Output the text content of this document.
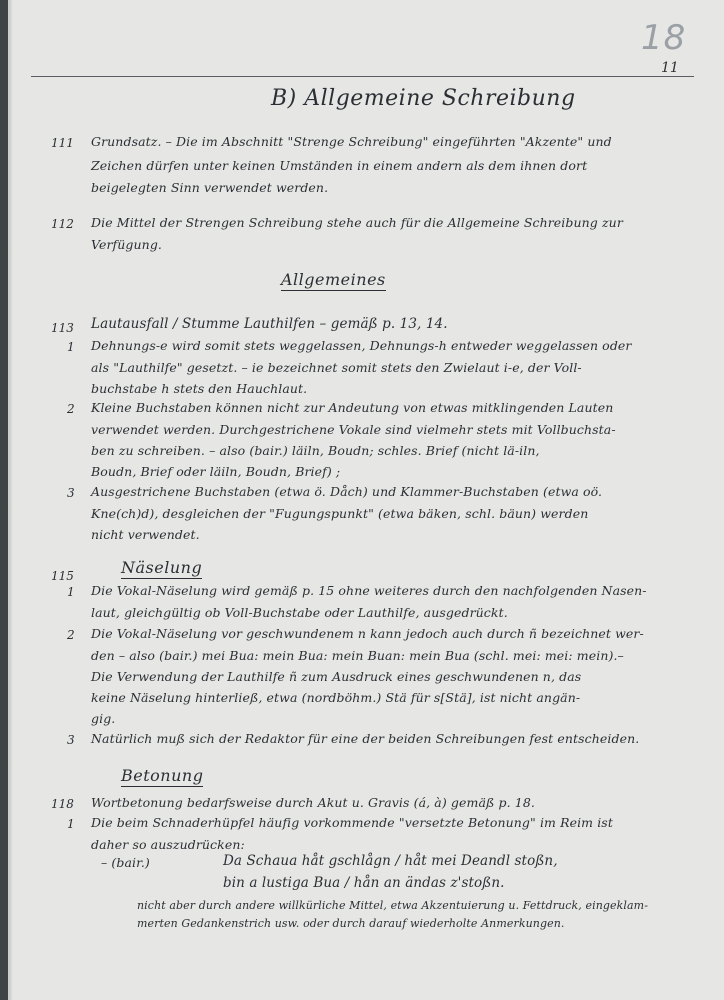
18
11
B) Allgemeine Schreibung
111 Grundsatz. – Die im Abschnitt "Strenge Schreibung" eingeführten "Akzente" und
Zeichen dürfen unter keinen Umständen in einem andern als dem ihnen dort
beigelegten Sinn verwendet werden.
112 Die Mittel der Strengen Schreibung stehe auch für die Allgemeine Schreibung zur
Verfügung.
Allgemeines
113 Lautausfall / Stumme Lauthilfen – gemäß p. 13, 14.
1 Dehnungs-e wird somit stets weggelassen, Dehnungs-h entweder weggelassen oder
als "Lauthilfe" gesetzt. – ie bezeichnet somit stets den Zwielaut i-e, der Voll-
buchstabe h stets den Hauchlaut.
2 Kleine Buchstaben können nicht zur Andeutung von etwas mitklingenden Lauten
verwendet werden. Durchgestrichene Vokale sind vielmehr stets mit Vollbuchsta-
ben zu schreiben. – also (bair.) läiln, Boudn; schles. Brief (nicht lä‑iln,
Boudn, Brief oder läiln, Boudn, Brief) ;
3 Ausgestrichene Buchstaben (etwa ö. Dåch) und Klammer-Buchstaben (etwa oö.
Kne(ch)d), desgleichen der "Fugungspunkt" (etwa bäken, schl. bäun) werden
nicht verwendet.
Näselung
115
1 Die Vokal-Näselung wird gemäß p. 15 ohne weiteres durch den nachfolgenden Nasen-
laut, gleichgültig ob Voll-Buchstabe oder Lauthilfe, ausgedrückt.
2 Die Vokal-Näselung vor geschwundenem n kann jedoch auch durch ñ bezeichnet wer-
den – also (bair.) mei Bua: mein Bua: mein Buan: mein Bua (schl. mei: mei: mein).–
Die Verwendung der Lauthilfe ñ zum Ausdruck eines geschwundenen n, das
keine Näselung hinterließ, etwa (nordböhm.) Stä für s[Stä], ist nicht angän-
gig.
3 Natürlich muß sich der Redaktor für eine der beiden Schreibungen fest entscheiden.
Betonung
118 Wortbetonung bedarfsweise durch Akut u. Gravis (á, à) gemäß p. 18.
1 Die beim Schnaderhüpfel häufig vorkommende "versetzte Betonung" im Reim ist
daher so auszudrücken:
– (bair.)	Da Schaua håt gschlågn / håt mei Deandl stoßn,
bin a lustiga Bua / hån an ändas z'stoßn.
nicht aber durch andere willkürliche Mittel, etwa Akzentuierung u. Fettdruck, eingeklam-
merten Gedankenstrich usw. oder durch darauf wiederholte Anmerkungen.
